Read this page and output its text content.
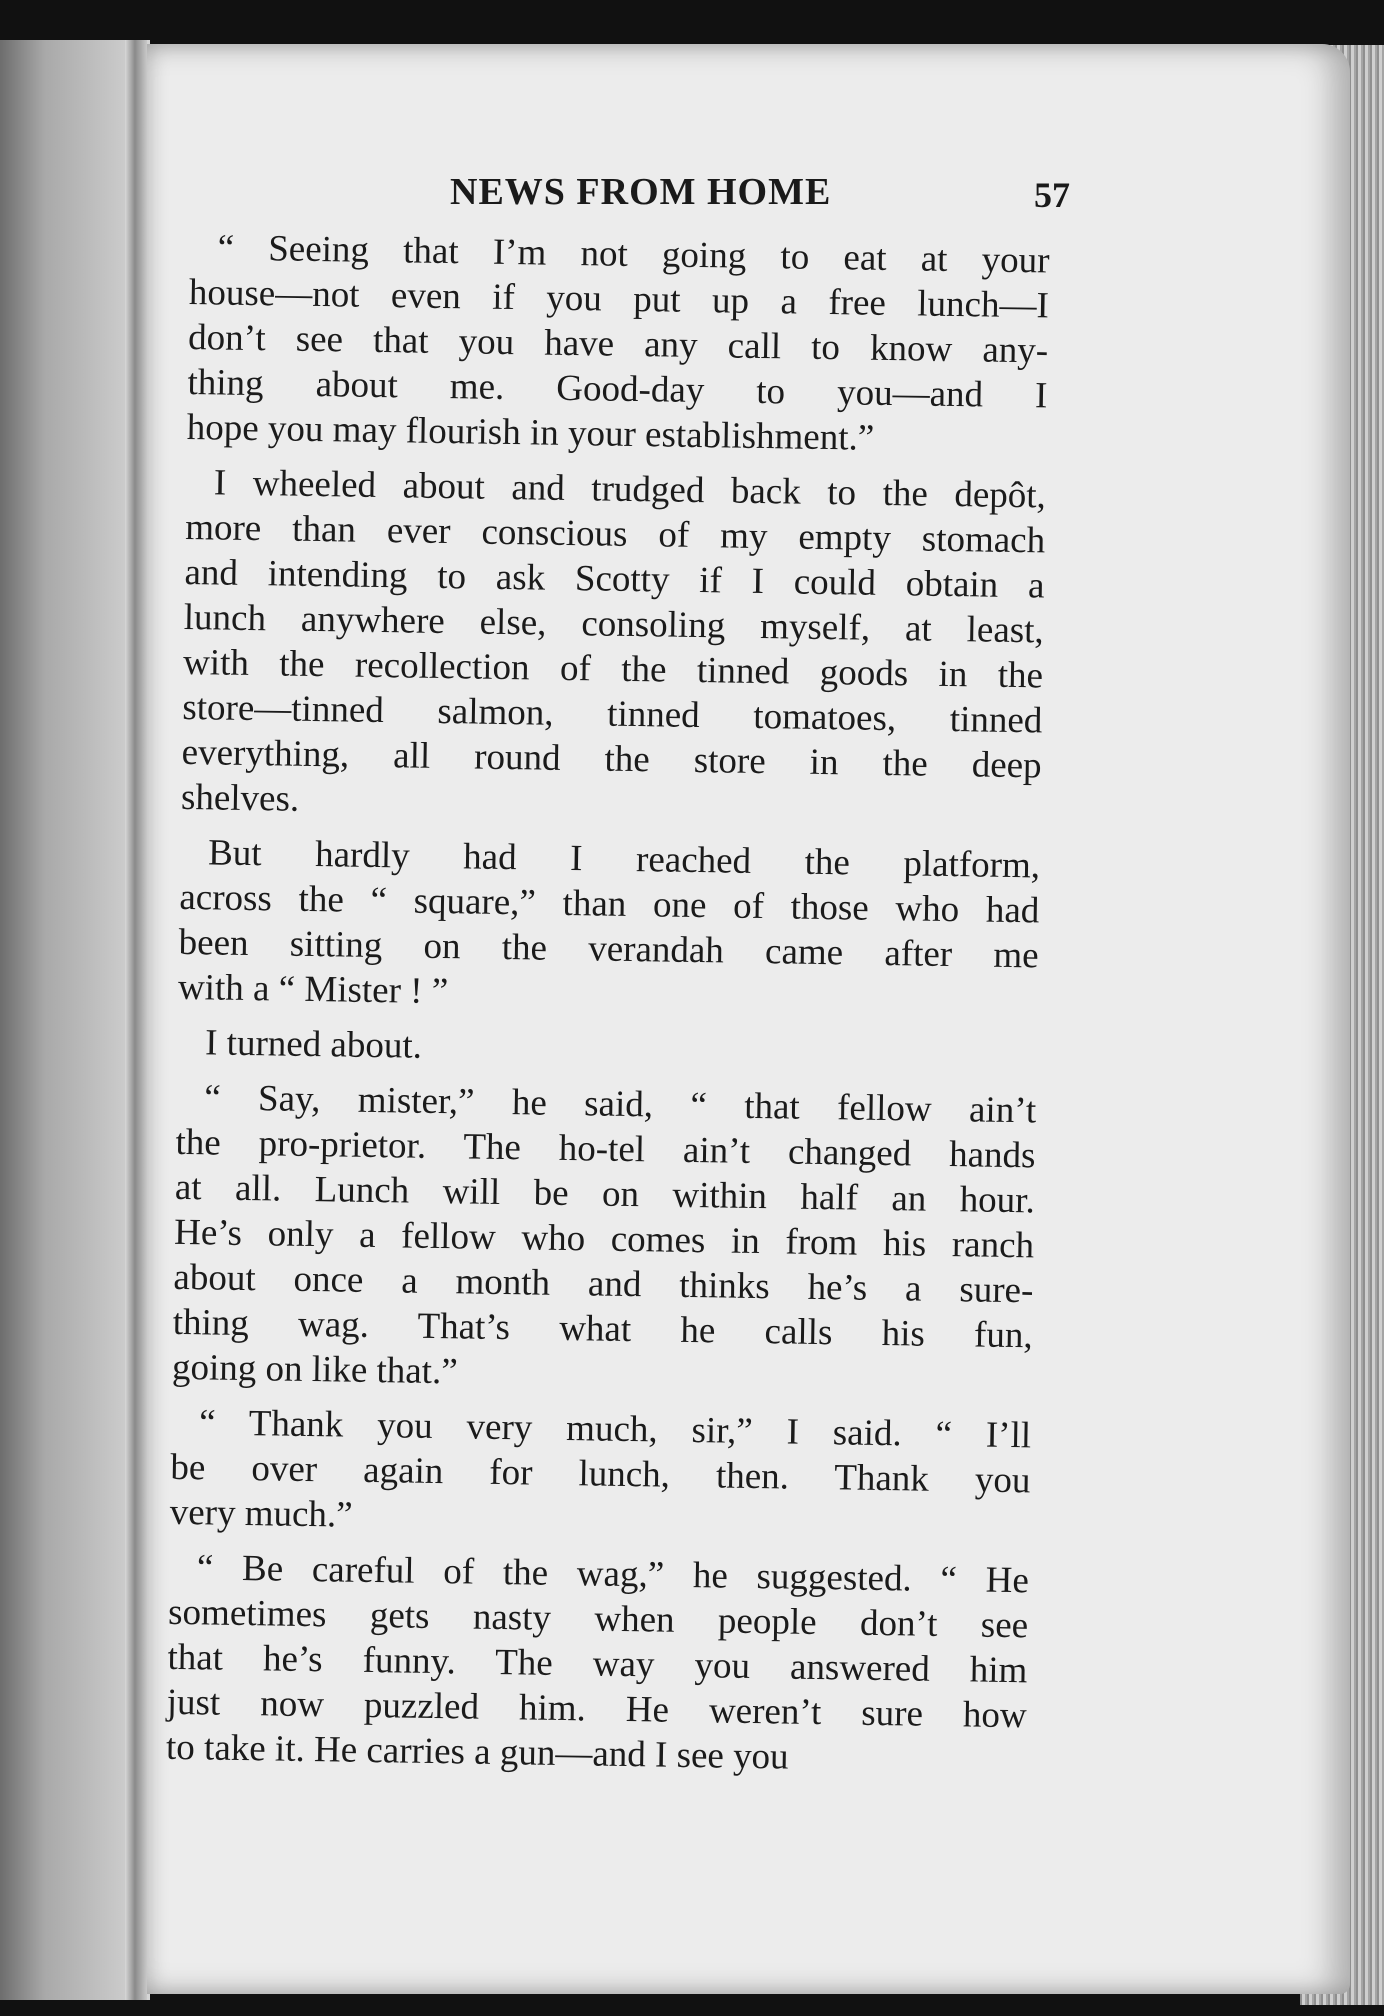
NEWS FROM HOME	57
“ Seeing that I’m not going to eat at your
house—not even if you put up a free lunch—I
don’t see that you have any call to know any-
thing about me. Good-day to you—and I
hope you may flourish in your establishment.”
I wheeled about and trudged back to the depôt,
more than ever conscious of my empty stomach
and intending to ask Scotty if I could obtain a
lunch anywhere else, consoling myself, at least,
with the recollection of the tinned goods in the
store—tinned salmon, tinned tomatoes, tinned
everything, all round the store in the deep
shelves.
But hardly had I reached the platform,
across the “ square,” than one of those who had
been sitting on the verandah came after me
with a “ Mister ! ”
I turned about.
“ Say, mister,” he said, “ that fellow ain’t
the pro-prietor. The ho-tel ain’t changed hands
at all. Lunch will be on within half an hour.
He’s only a fellow who comes in from his ranch
about once a month and thinks he’s a sure-
thing wag. That’s what he calls his fun,
going on like that.”
“ Thank you very much, sir,” I said. “ I’ll
be over again for lunch, then. Thank you
very much.”
“ Be careful of the wag,” he suggested. “ He
sometimes gets nasty when people don’t see
that he’s funny. The way you answered him
just now puzzled him. He weren’t sure how
to take it. He carries a gun—and I see you
